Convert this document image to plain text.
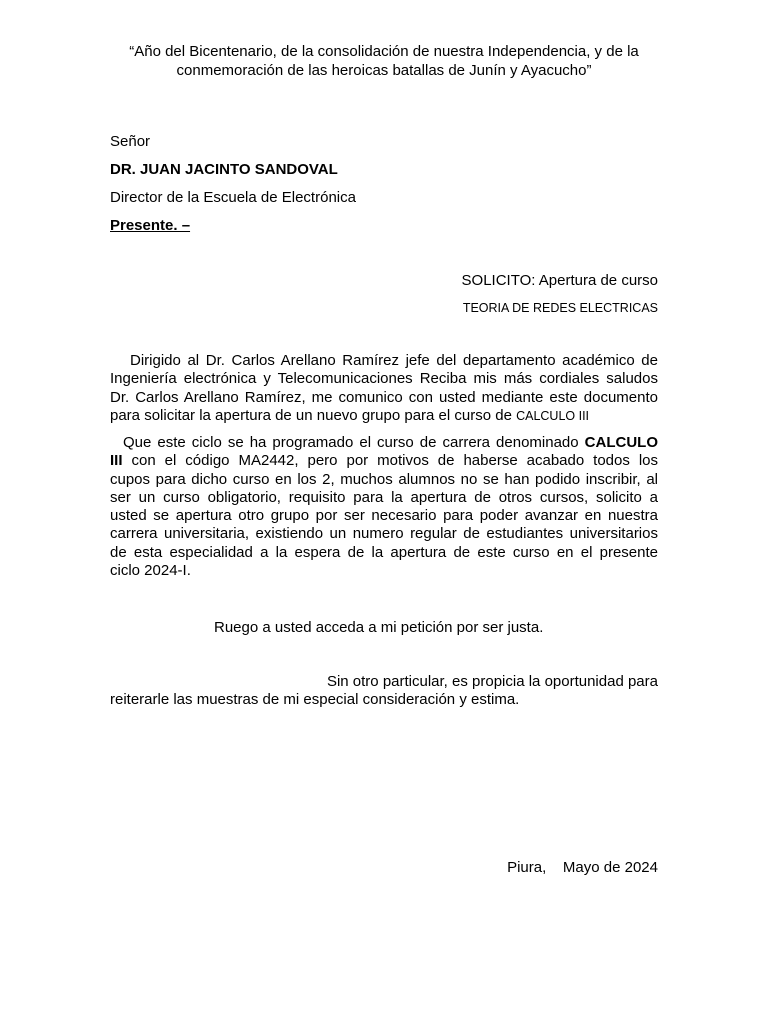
“Año del Bicentenario, de la consolidación de nuestra Independencia, y de la
conmemoración de las heroicas batallas de Junín y Ayacucho”
Señor
DR. JUAN JACINTO SANDOVAL
Director de la Escuela de Electrónica
Presente. –
SOLICITO: Apertura de curso
TEORIA DE REDES ELECTRICAS
Dirigido al Dr. Carlos Arellano Ramírez jefe del departamento académico de
Ingeniería electrónica y Telecomunicaciones Reciba mis más cordiales saludos
Dr. Carlos Arellano Ramírez, me comunico con usted mediante este documento
para solicitar la apertura de un nuevo grupo para el curso de CALCULO III
Que este ciclo se ha programado el curso de carrera denominado CALCULO
III con el código MA2442, pero por motivos de haberse acabado todos los
cupos para dicho curso en los 2, muchos alumnos no se han podido inscribir, al
ser un curso obligatorio, requisito para la apertura de otros cursos, solicito a
usted se apertura otro grupo por ser necesario para poder avanzar en nuestra
carrera universitaria, existiendo un numero regular de estudiantes universitarios
de esta especialidad a la espera de la apertura de este curso en el presente
ciclo 2024-I.
Ruego a usted acceda a mi petición por ser justa.
Sin otro particular, es propicia la oportunidad para
reiterarle las muestras de mi especial consideración y estima.
Piura, Mayo de 2024
